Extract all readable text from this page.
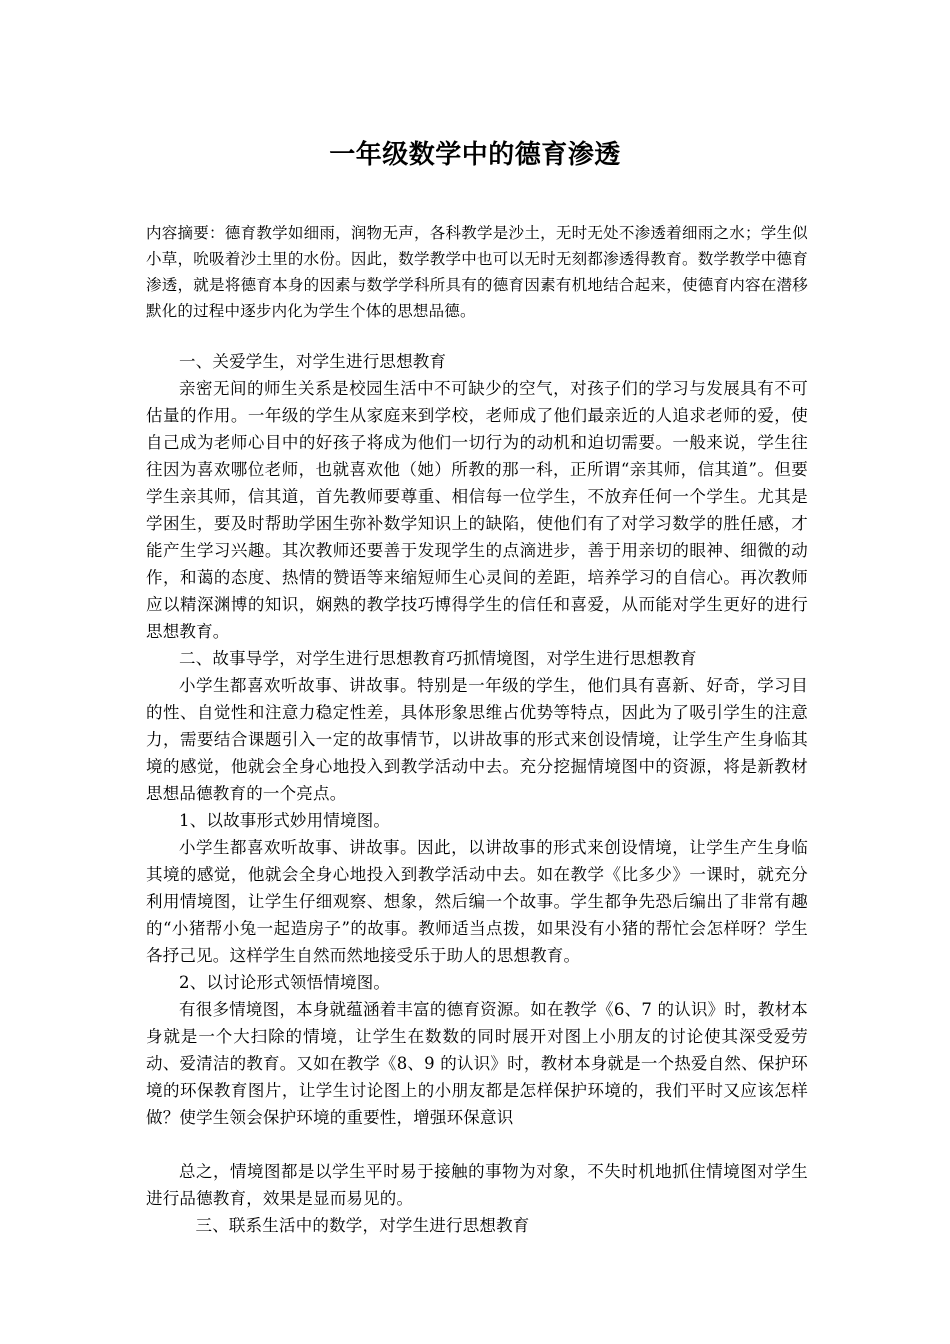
一年级数学中的德育渗透
内容摘要：德育教学如细雨，润物无声，各科教学是沙土，无时无处不渗透着细雨之水；学生似小草，吮吸着沙土里的水份。因此，数学教学中也可以无时无刻都渗透得教育。数学教学中德育渗透，就是将德育本身的因素与数学学科所具有的德育因素有机地结合起来，使德育内容在潜移默化的过程中逐步内化为学生个体的思想品德。

一、关爱学生，对学生进行思想教育

亲密无间的师生关系是校园生活中不可缺少的空气，对孩子们的学习与发展具有不可估量的作用。一年级的学生从家庭来到学校，老师成了他们最亲近的人追求老师的爱，使自己成为老师心目中的好孩子将成为他们一切行为的动机和迫切需要。一般来说，学生往往因为喜欢哪位老师，也就喜欢他（她）所教的那一科，正所谓“亲其师，信其道”。但要学生亲其师，信其道，首先教师要尊重、相信每一位学生，不放弃任何一个学生。尤其是学困生，要及时帮助学困生弥补数学知识上的缺陷，使他们有了对学习数学的胜任感，才能产生学习兴趣。其次教师还要善于发现学生的点滴进步，善于用亲切的眼神、细微的动作，和蔼的态度、热情的赞语等来缩短师生心灵间的差距，培养学习的自信心。再次教师应以精深渊博的知识，娴熟的教学技巧博得学生的信任和喜爱，从而能对学生更好的进行思想教育。

二、故事导学，对学生进行思想教育巧抓情境图，对学生进行思想教育

小学生都喜欢听故事、讲故事。特别是一年级的学生，他们具有喜新、好奇，学习目的性、自觉性和注意力稳定性差，具体形象思维占优势等特点，因此为了吸引学生的注意力，需要结合课题引入一定的故事情节，以讲故事的形式来创设情境，让学生产生身临其境的感觉，他就会全身心地投入到教学活动中去。充分挖掘情境图中的资源，将是新教材思想品德教育的一个亮点。

1、以故事形式妙用情境图。

小学生都喜欢听故事、讲故事。因此，以讲故事的形式来创设情境，让学生产生身临其境的感觉，他就会全身心地投入到教学活动中去。如在教学《比多少》一课时，就充分利用情境图，让学生仔细观察、想象，然后编一个故事。学生都争先恐后编出了非常有趣的“小猪帮小兔一起造房子”的故事。教师适当点拨，如果没有小猪的帮忙会怎样呀？学生各抒己见。这样学生自然而然地接受乐于助人的思想教育。

2、以讨论形式领悟情境图。

有很多情境图，本身就蕴涵着丰富的德育资源。如在教学《6、7 的认识》时，教材本身就是一个大扫除的情境，让学生在数数的同时展开对图上小朋友的讨论使其深受爱劳动、爱清洁的教育。又如在教学《8、9 的认识》时，教材本身就是一个热爱自然、保护环境的环保教育图片，让学生讨论图上的小朋友都是怎样保护环境的，我们平时又应该怎样做？使学生领会保护环境的重要性，增强环保意识

总之，情境图都是以学生平时易于接触的事物为对象，不失时机地抓住情境图对学生进行品德教育，效果是显而易见的。

三、联系生活中的数学，对学生进行思想教育
